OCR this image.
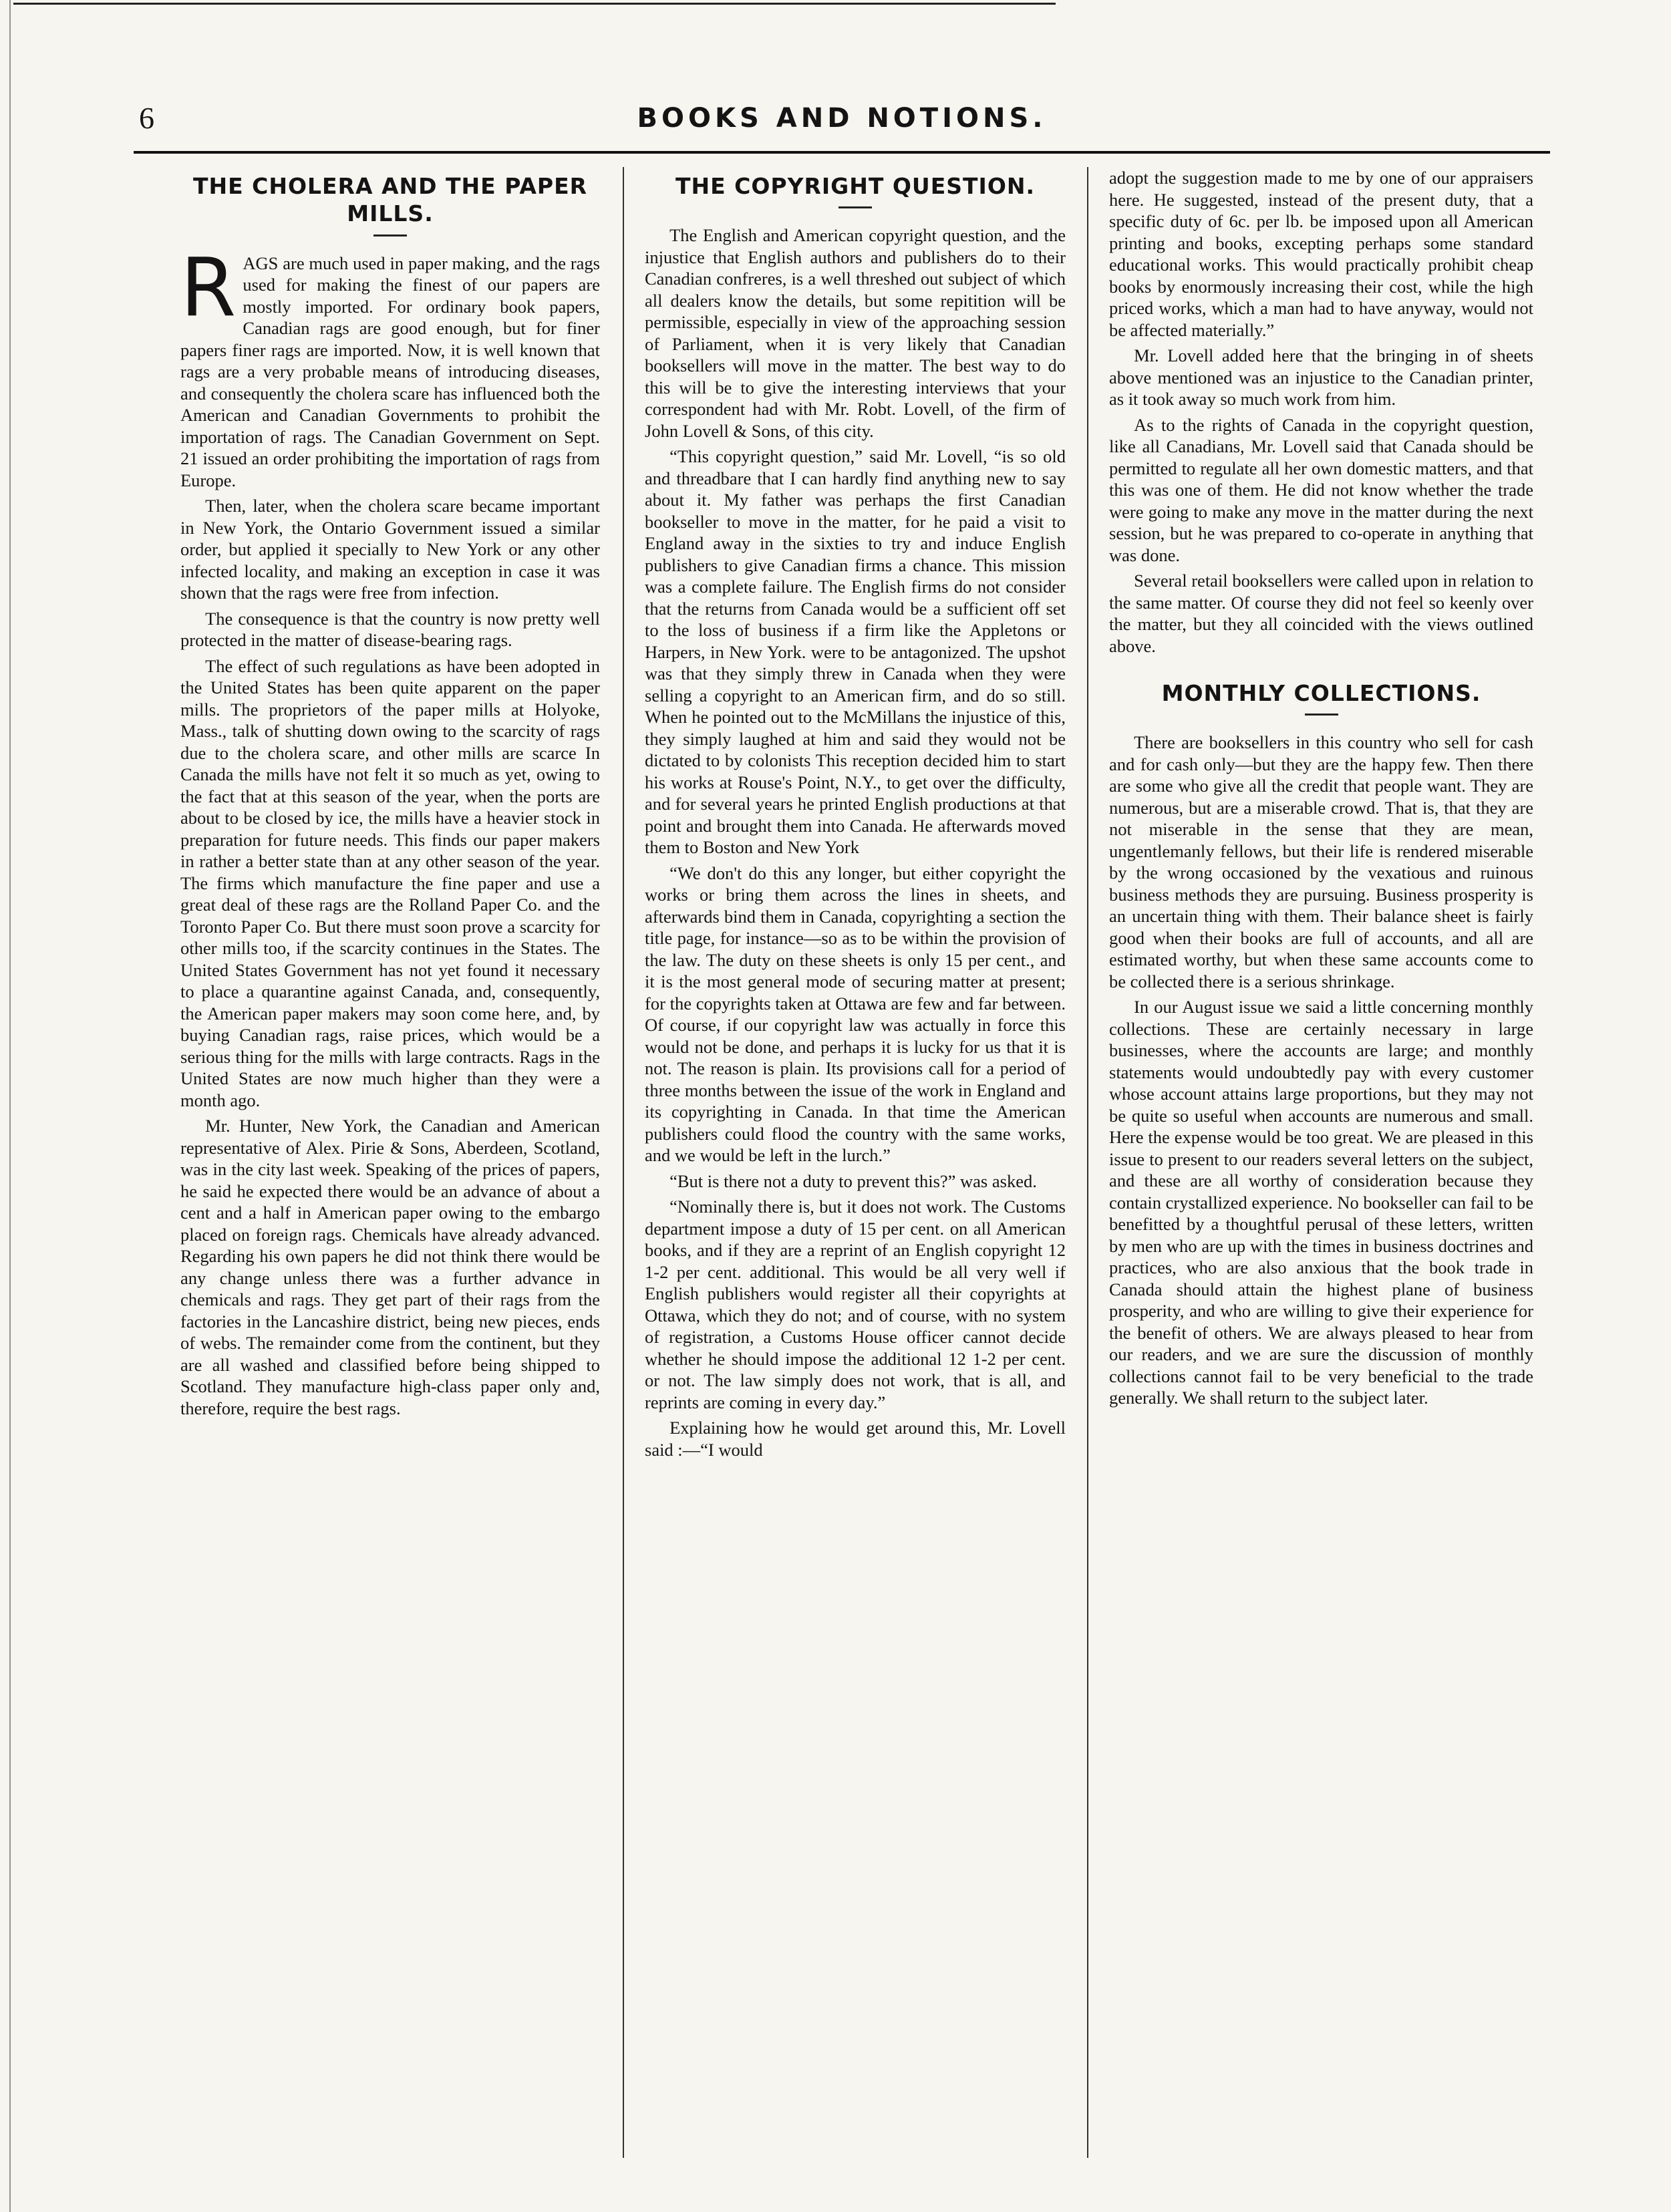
6	BOOKS AND NOTIONS.
THE CHOLERA AND THE PAPER MILLS.

RAGS are much used in paper making, and the rags used for making the finest of our papers are mostly imported. For ordinary book papers, Canadian rags are good enough, but for finer papers finer rags are imported. Now, it is well known that rags are a very probable means of introducing diseases, and consequently the cholera scare has influenced both the American and Canadian Governments to prohibit the importation of rags. The Canadian Government on Sept. 21 issued an order prohibiting the importation of rags from Europe.

Then, later, when the cholera scare became important in New York, the Ontario Government issued a similar order, but applied it specially to New York or any other infected locality, and making an exception in case it was shown that the rags were free from infection.

The consequence is that the country is now pretty well protected in the matter of disease-bearing rags.

The effect of such regulations as have been adopted in the United States has been quite apparent on the paper mills. The proprietors of the paper mills at Holyoke, Mass., talk of shutting down owing to the scarcity of rags due to the cholera scare, and other mills are scarce In Canada the mills have not felt it so much as yet, owing to the fact that at this season of the year, when the ports are about to be closed by ice, the mills have a heavier stock in preparation for future needs. This finds our paper makers in rather a better state than at any other season of the year. The firms which manufacture the fine paper and use a great deal of these rags are the Rolland Paper Co. and the Toronto Paper Co. But there must soon prove a scarcity for other mills too, if the scarcity continues in the States. The United States Government has not yet found it necessary to place a quarantine against Canada, and, consequently, the American paper makers may soon come here, and, by buying Canadian rags, raise prices, which would be a serious thing for the mills with large contracts. Rags in the United States are now much higher than they were a month ago.

Mr. Hunter, New York, the Canadian and American representative of Alex. Pirie & Sons, Aberdeen, Scotland, was in the city last week. Speaking of the prices of papers, he said he expected there would be an advance of about a cent and a half in American paper owing to the embargo placed on foreign rags. Chemicals have already advanced. Regarding his own papers he did not think there would be any change unless there was a further advance in chemicals and rags. They get part of their rags from the factories in the Lancashire district, being new pieces, ends of webs. The remainder come from the continent, but they are all washed and classified before being shipped to Scotland. They manufacture high-class paper only and, therefore, require the best rags.

THE COPYRIGHT QUESTION.

The English and American copyright question, and the injustice that English authors and publishers do to their Canadian confreres, is a well threshed out subject of which all dealers know the details, but some repitition will be permissible, especially in view of the approaching session of Parliament, when it is very likely that Canadian booksellers will move in the matter. The best way to do this will be to give the interesting interviews that your correspondent had with Mr. Robt. Lovell, of the firm of John Lovell & Sons, of this city.

“This copyright question,” said Mr. Lovell, “is so old and threadbare that I can hardly find anything new to say about it. My father was perhaps the first Canadian bookseller to move in the matter, for he paid a visit to England away in the sixties to try and induce English publishers to give Canadian firms a chance. This mission was a complete failure. The English firms do not consider that the returns from Canada would be a sufficient off set to the loss of business if a firm like the Appletons or Harpers, in New York. were to be antagonized. The upshot was that they simply threw in Canada when they were selling a copyright to an American firm, and do so still. When he pointed out to the McMillans the injustice of this, they simply laughed at him and said they would not be dictated to by colonists This reception decided him to start his works at Rouse's Point, N.Y., to get over the difficulty, and for several years he printed English productions at that point and brought them into Canada. He afterwards moved them to Boston and New York

“We don't do this any longer, but either copyright the works or bring them across the lines in sheets, and afterwards bind them in Canada, copyrighting a section the title page, for instance—so as to be within the provision of the law. The duty on these sheets is only 15 per cent., and it is the most general mode of securing matter at present; for the copyrights taken at Ottawa are few and far between. Of course, if our copyright law was actually in force this would not be done, and perhaps it is lucky for us that it is not. The reason is plain. Its provisions call for a period of three months between the issue of the work in England and its copyrighting in Canada. In that time the American publishers could flood the country with the same works, and we would be left in the lurch.”

“But is there not a duty to prevent this?” was asked.

“Nominally there is, but it does not work. The Customs department impose a duty of 15 per cent. on all American books, and if they are a reprint of an English copyright 12 1-2 per cent. additional. This would be all very well if English publishers would register all their copyrights at Ottawa, which they do not; and of course, with no system of registration, a Customs House officer cannot decide whether he should impose the additional 12 1-2 per cent. or not. The law simply does not work, that is all, and reprints are coming in every day.”

Explaining how he would get around this, Mr. Lovell said :—“I would

adopt the suggestion made to me by one of our appraisers here. He suggested, instead of the present duty, that a specific duty of 6c. per lb. be imposed upon all American printing and books, excepting perhaps some standard educational works. This would practically prohibit cheap books by enormously increasing their cost, while the high priced works, which a man had to have anyway, would not be affected materially.”

Mr. Lovell added here that the bringing in of sheets above mentioned was an injustice to the Canadian printer, as it took away so much work from him.

As to the rights of Canada in the copyright question, like all Canadians, Mr. Lovell said that Canada should be permitted to regulate all her own domestic matters, and that this was one of them. He did not know whether the trade were going to make any move in the matter during the next session, but he was prepared to co-operate in anything that was done.

Several retail booksellers were called upon in relation to the same matter. Of course they did not feel so keenly over the matter, but they all coincided with the views outlined above.

MONTHLY COLLECTIONS.

There are booksellers in this country who sell for cash and for cash only—but they are the happy few. Then there are some who give all the credit that people want. They are numerous, but are a miserable crowd. That is, that they are not miserable in the sense that they are mean, ungentlemanly fellows, but their life is rendered miserable by the wrong occasioned by the vexatious and ruinous business methods they are pursuing. Business prosperity is an uncertain thing with them. Their balance sheet is fairly good when their books are full of accounts, and all are estimated worthy, but when these same accounts come to be collected there is a serious shrinkage.

In our August issue we said a little concerning monthly collections. These are certainly necessary in large businesses, where the accounts are large; and monthly statements would undoubtedly pay with every customer whose account attains large proportions, but they may not be quite so useful when accounts are numerous and small. Here the expense would be too great. We are pleased in this issue to present to our readers several letters on the subject, and these are all worthy of consideration because they contain crystallized experience. No bookseller can fail to be benefitted by a thoughtful perusal of these letters, written by men who are up with the times in business doctrines and practices, who are also anxious that the book trade in Canada should attain the highest plane of business prosperity, and who are willing to give their experience for the benefit of others. We are always pleased to hear from our readers, and we are sure the discussion of monthly collections cannot fail to be very beneficial to the trade generally. We shall return to the subject later.
